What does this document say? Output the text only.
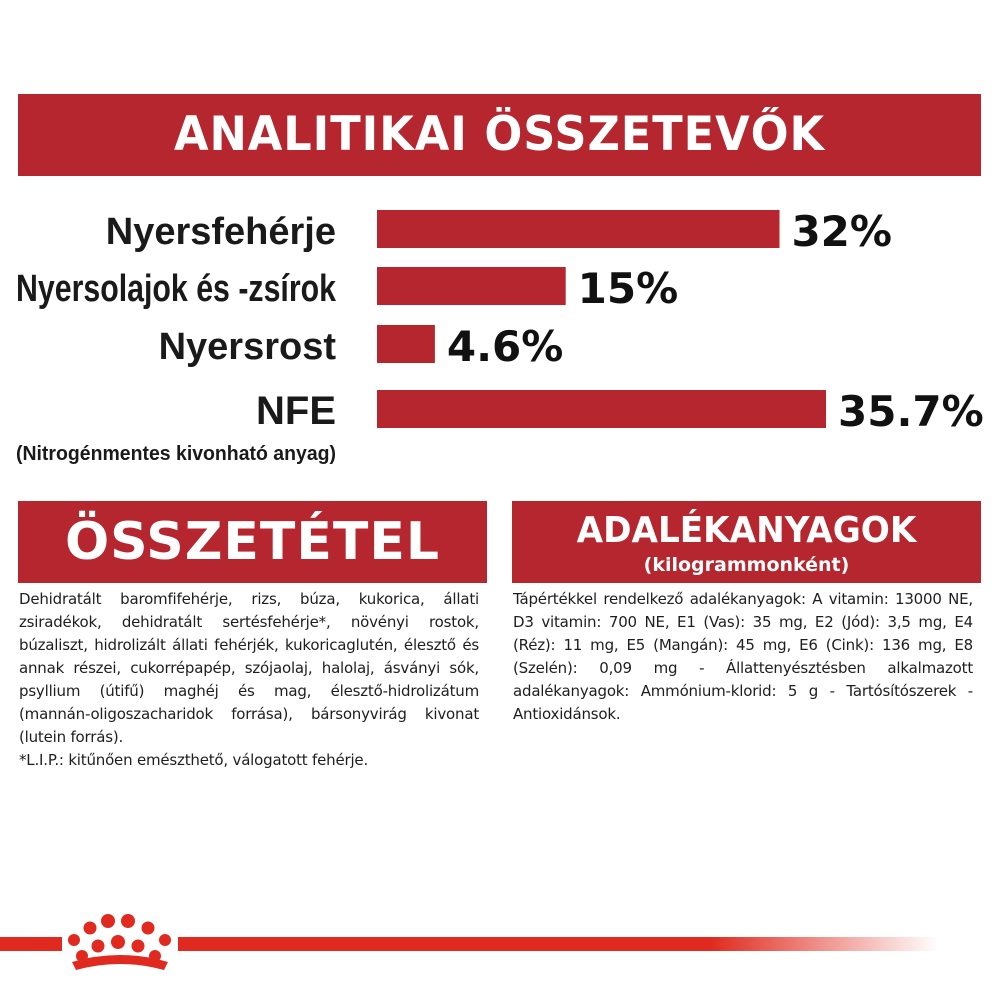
ANALITIKAI ÖSSZETEVŐK
Nyersfehérje	32%
Nyersolajok és -zsírok	15%
Nyersrost	4.6%
NFE	35.7%
(Nitrogénmentes kivonható anyag)
ÖSSZETÉTEL

Dehidratált baromfifehérje, rizs, búza, kukorica, állati zsiradékok, dehidratált sertésfehérje*, növényi rostok, búzaliszt, hidrolizált állati fehérjék, kukoricaglutén, élesztő és annak részei, cukorrépapép, szójaolaj, halolaj, ásványi sók, psyllium (útifű) maghéj és mag, élesztő-hidrolizátum (mannán-oligoszacharidok forrása), bársonyvirág kivonat (lutein forrás).

*L.I.P.: kitűnően emészthető, válogatott fehérje.

ADALÉKANYAGOK
(kilogrammonként)

Tápértékkel rendelkező adalékanyagok: A vitamin: 13000 NE, D3 vitamin: 700 NE, E1 (Vas): 35 mg, E2 (Jód): 3,5 mg, E4 (Réz): 11 mg, E5 (Mangán): 45 mg, E6 (Cink): 136 mg, E8 (Szelén): 0,09 mg - Állattenyésztésben alkalmazott adalékanyagok: Ammónium-klorid: 5 g - Tartósítószerek - Antioxidánsok.
